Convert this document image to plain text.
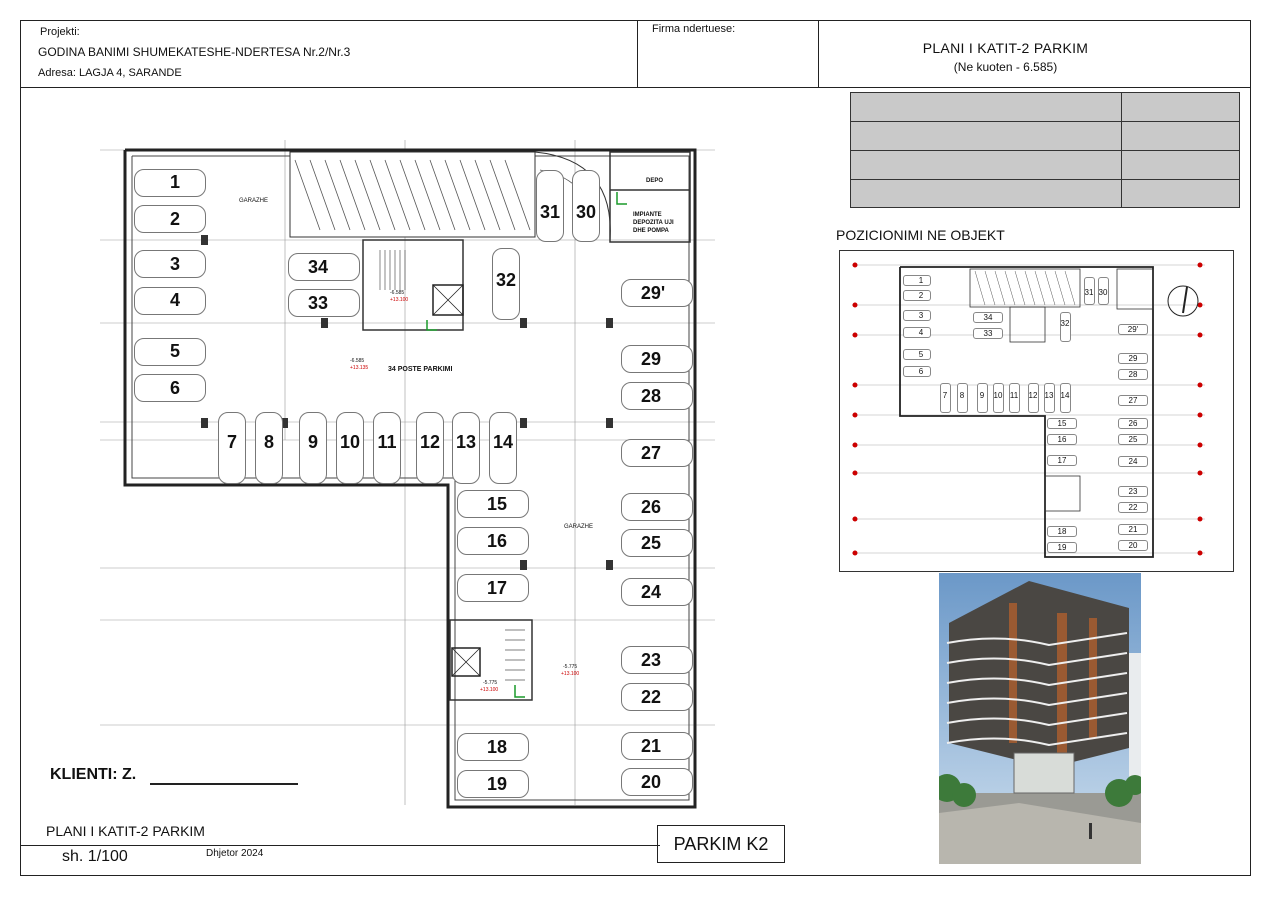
Projekti:
GODINA BANIMI SHUMEKATESHE-NDERTESA Nr.2/Nr.3
Adresa: LAGJA 4, SARANDE
Firma ndertuese:
PLANI I KATIT-2 PARKIM
(Ne kuoten - 6.585)
POZICIONIMI NE OBJEKT
1
2
3
4
5
6
7	8	9	10 11	12 13 14
15
16
17
18
19	20
21
22
23
24
25
26
27
28
29
29'
30
31
32
33
34
GARAZHE
GARAZHE
DEPO
IMPIANTE
DEPOZITA UJI
DHE POMPA
34 POSTE PARKIMI
-6.585
+13.135
-6.585
+13.100
-5.775
+13.100
-5.775
+13.100
1
2
3
4
5
6
7	8	9	10 11	12 13 14
15
16
17
18
19	20
21
22
23
24
25
26
27
28
29
29'
30
31
32
33
34
KLIENTI: Z.
PLANI I KATIT-2 PARKIM
sh. 1/100	Dhjetor 2024	PARKIM K2
